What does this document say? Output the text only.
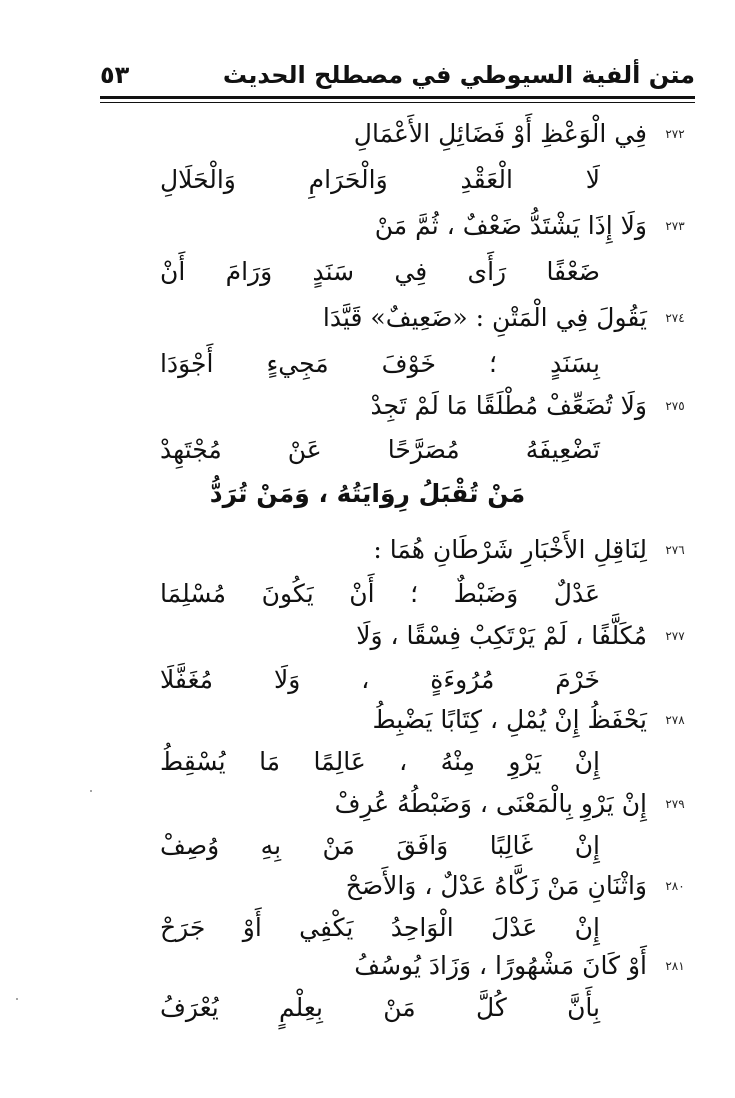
متن ألفية السيوطي في مصطلح الحديث
٥٣
٢٧٢
فِي الْوَعْظِ أَوْ فَضَائِلِ الأَعْمَالِ
لَا الْعَقْدِ وَالْحَرَامِ وَالْحَلَالِ
٢٧٣
وَلَا إِذَا يَشْتَدُّ ضَعْفٌ ، ثُمَّ مَنْ
ضَعْفًا رَأَى فِي سَنَدٍ وَرَامَ أَنْ
٢٧٤
يَقُولَ فِي الْمَتْنِ : «ضَعِيفٌ» قَيَّدَا
بِسَنَدٍ ؛ خَوْفَ مَجِيءٍ أَجْوَدَا
٢٧٥
وَلَا تُضَعِّفْ مُطْلَقًا مَا لَمْ تَجِدْ
تَضْعِيفَهُ مُصَرَّحًا عَنْ مُجْتَهِدْ
مَنْ تُقْبَلُ رِوَايَتُهُ ، وَمَنْ تُرَدُّ
٢٧٦
لِنَاقِلِ الأَخْبَارِ شَرْطَانِ هُمَا :
عَدْلٌ وَضَبْطٌ ؛ أَنْ يَكُونَ مُسْلِمَا
٢٧٧
مُكَلَّفًا ، لَمْ يَرْتَكِبْ فِسْقًا ، وَلَا
خَرْمَ مُرُوءَةٍ ، وَلَا مُغَفَّلَا
٢٧٨
يَحْفَظُ إِنْ يُمْلِ ، كِتَابًا يَضْبِطُ
إِنْ يَرْوِ مِنْهُ ، عَالِمًا مَا يُسْقِطُ
٢٧٩
إِنْ يَرْوِ بِالْمَعْنَى ، وَضَبْطُهُ عُرِفْ
إِنْ غَالِبًا وَافَقَ مَنْ بِهِ وُصِفْ
٢٨٠
وَاثْنَانِ مَنْ زَكَّاهُ عَدْلٌ ، وَالأَصَحْ
إِنْ عَدْلَ الْوَاحِدُ يَكْفِي أَوْ جَرَحْ
٢٨١
أَوْ كَانَ مَشْهُورًا ، وَزَادَ يُوسُفُ
بِأَنَّ كُلَّ مَنْ بِعِلْمٍ يُعْرَفُ
